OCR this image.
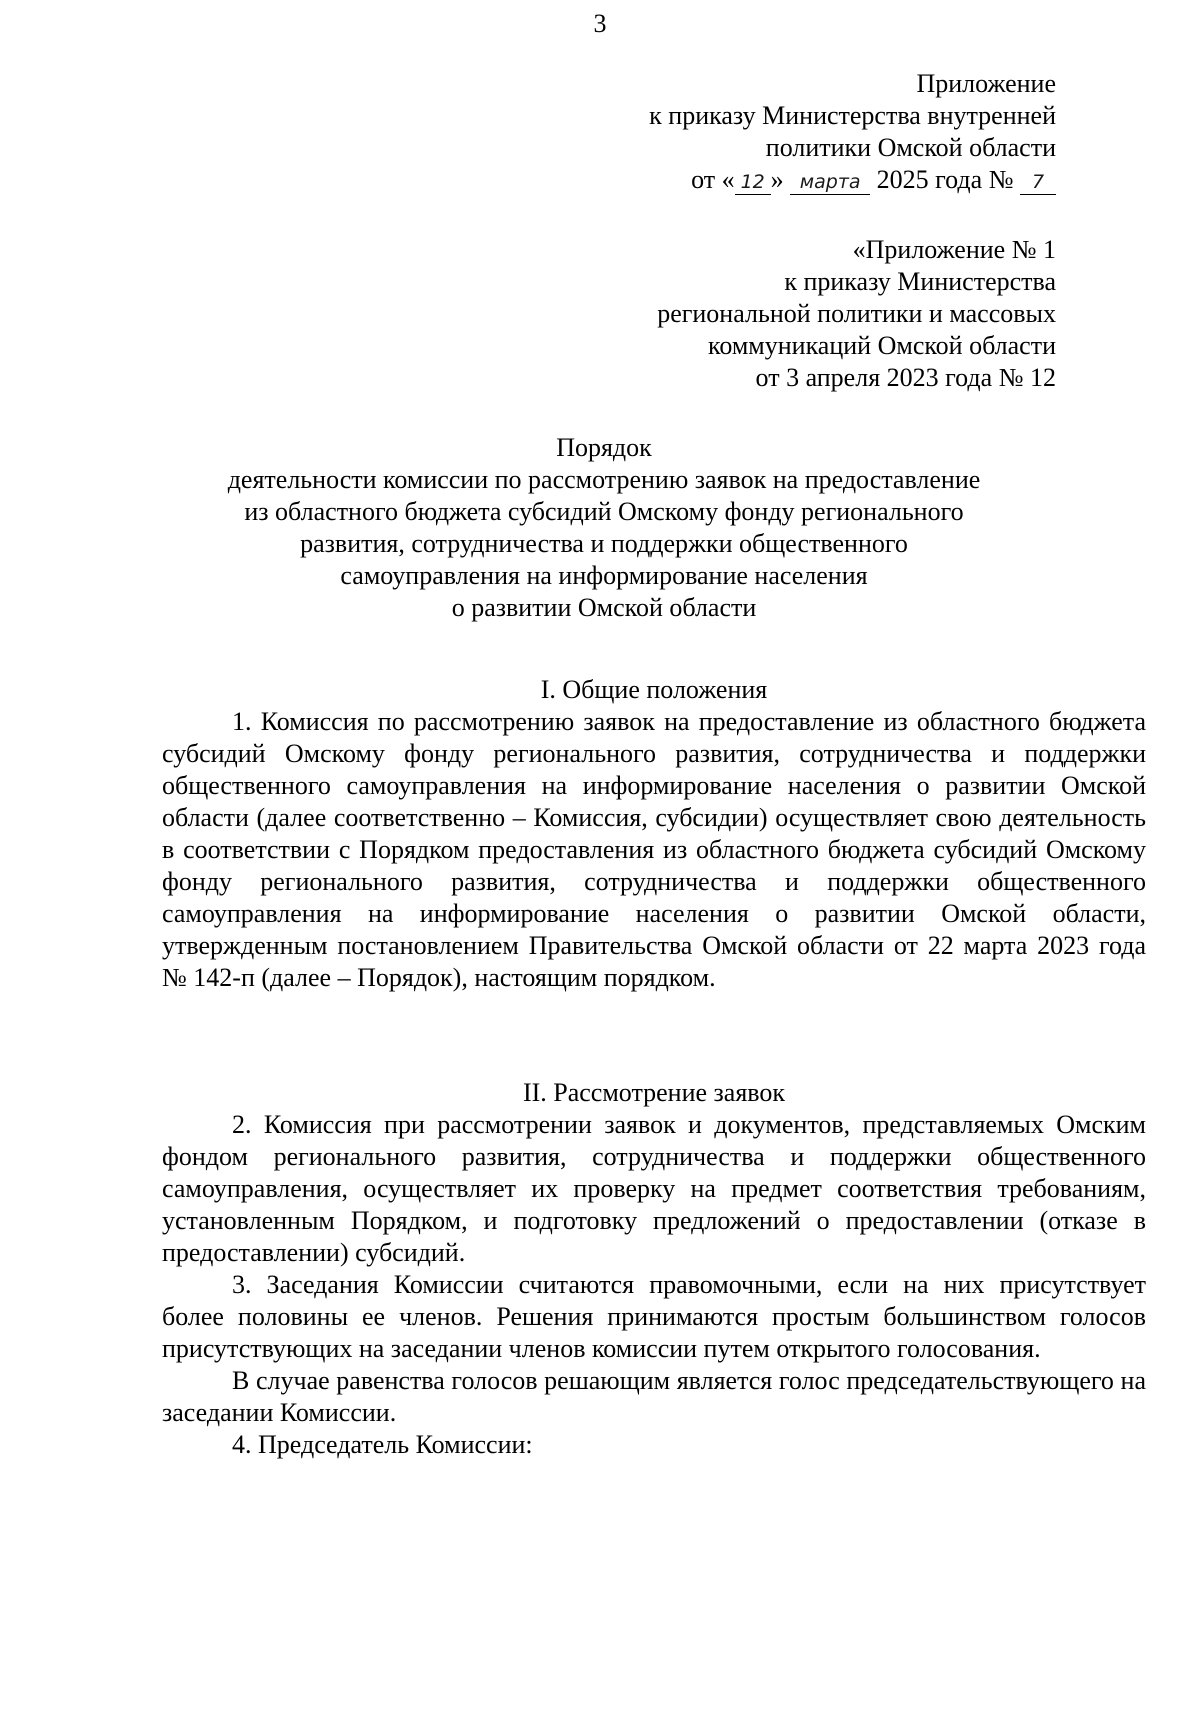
3
Приложение
к приказу Министерства внутренней
политики Омской области
от « 12 » марта 2025 года № 7
«Приложение № 1
к приказу Министерства
региональной политики и массовых
коммуникаций Омской области
от 3 апреля 2023 года № 12
Порядок
деятельности комиссии по рассмотрению заявок на предоставление
из областного бюджета субсидий Омскому фонду регионального
развития, сотрудничества и поддержки общественного
самоуправления на информирование населения
о развитии Омской области
I. Общие положения

1. Комиссия по рассмотрению заявок на предоставление из областного бюджета субсидий Омскому фонду регионального развития, сотрудничества и поддержки общественного самоуправления на информирование населения о развитии Омской области (далее соответственно – Комиссия, субсидии) осуществляет свою деятельность в соответствии с Порядком предоставления из областного бюджета субсидий Омскому фонду регионального развития, сотрудничества и поддержки общественного самоуправления на информирование населения о развитии Омской области, утвержденным постановлением Правительства Омской области от 22 марта 2023 года № 142-п (далее – Порядок), настоящим порядком.

II. Рассмотрение заявок

2. Комиссия при рассмотрении заявок и документов, представляемых Омским фондом регионального развития, сотрудничества и поддержки общественного самоуправления, осуществляет их проверку на предмет соответствия требованиям, установленным Порядком, и подготовку предложений о предоставлении (отказе в предоставлении) субсидий.

3. Заседания Комиссии считаются правомочными, если на них присутствует более половины ее членов. Решения принимаются простым большинством голосов присутствующих на заседании членов комиссии путем открытого голосования.

В случае равенства голосов решающим является голос председательствующего на заседании Комиссии.

4. Председатель Комиссии:
